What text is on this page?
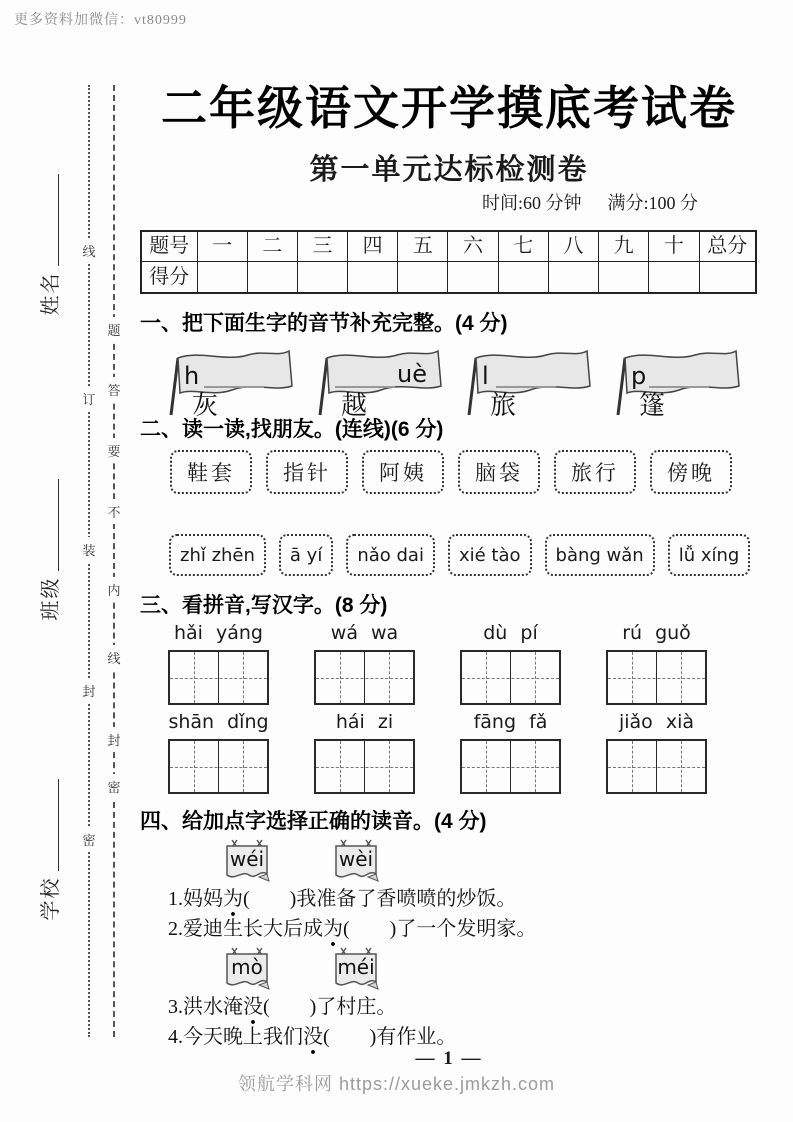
更多资料加微信：vt80999
姓名
班级
学校
线
订
装
封
密
题
答
要
不
内
线
封
密
二年级语文开学摸底考试卷
第一单元达标检测卷
时间:60 分钟 满分:100 分
题号	一	二	三	四	五	六	七	八	九	十	总分
得分											
一、把下面生字的音节补充完整。(4 分)
h
灰
uè
越
l
旅
p
篷
二、读一读,找朋友。(连线)(6 分)
鞋套	指针	阿姨	脑袋	旅行	傍晚
zhǐ zhēn	ā yí	nǎo dai	xié tào	bàng wǎn	lǚ xíng
三、看拼音,写汉字。(8 分)
hǎi yáng	wá wa	dù pí	rú guǒ
shān dǐng	hái zi	fāng fǎ	jiǎo xià
四、给加点字选择正确的读音。(4 分)
wéi	wèi
1.妈妈为(　　)我准备了香喷喷的炒饭。
2.爱迪生长大后成为(　　)了一个发明家。
mò	méi
3.洪水淹没(　　)了村庄。
4.今天晚上我们没(　　)有作业。
— 1 —
领航学科网 https://xueke.jmkzh.com
